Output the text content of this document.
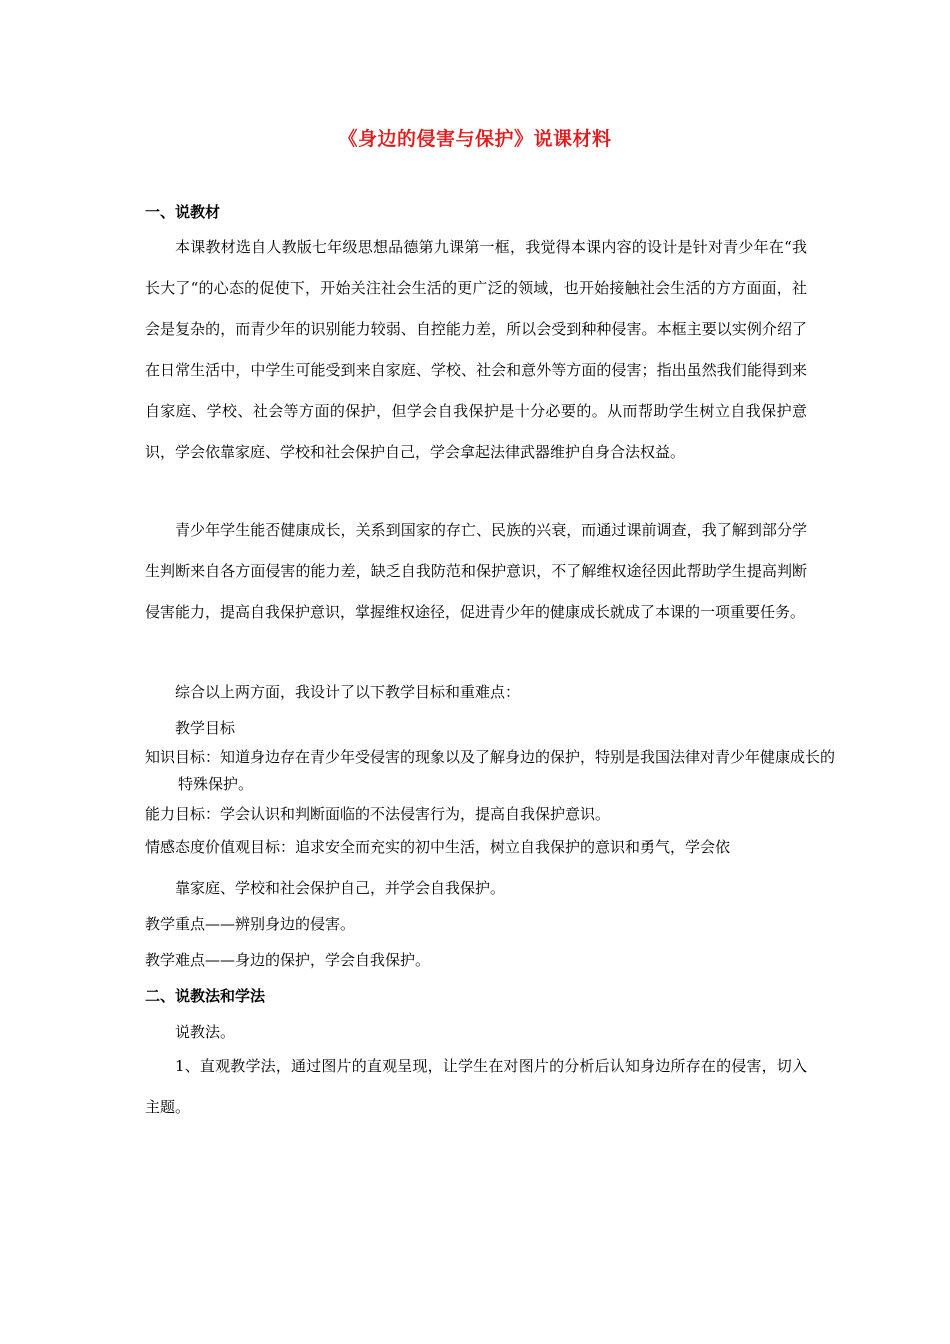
《身边的侵害与保护》说课材料
一、说教材
本课教材选自人教版七年级思想品德第九课第一框，我觉得本课内容的设计是针对青少年在“我长大了“的心态的促使下，开始关注社会生活的更广泛的领域，也开始接触社会生活的方方面面，社会是复杂的，而青少年的识别能力较弱、自控能力差，所以会受到种种侵害。本框主要以实例介绍了在日常生活中，中学生可能受到来自家庭、学校、社会和意外等方面的侵害；指出虽然我们能得到来自家庭、学校、社会等方面的保护，但学会自我保护是十分必要的。从而帮助学生树立自我保护意识，学会依靠家庭、学校和社会保护自己，学会拿起法律武器维护自身合法权益。
青少年学生能否健康成长，关系到国家的存亡、民族的兴衰，而通过课前调查，我了解到部分学生判断来自各方面侵害的能力差，缺乏自我防范和保护意识，不了解维权途径因此帮助学生提高判断侵害能力，提高自我保护意识，掌握维权途径，促进青少年的健康成长就成了本课的一项重要任务。
综合以上两方面，我设计了以下教学目标和重难点：
教学目标
知识目标：知道身边存在青少年受侵害的现象以及了解身边的保护，特别是我国法律对青少年健康成长的特殊保护。
能力目标：学会认识和判断面临的不法侵害行为，提高自我保护意识。
情感态度价值观目标：追求安全而充实的初中生活，树立自我保护的意识和勇气，学会依
靠家庭、学校和社会保护自己，并学会自我保护。
教学重点——辨别身边的侵害。
教学难点——身边的保护，学会自我保护。
二、说教法和学法
说教法。
1、直观教学法，通过图片的直观呈现，让学生在对图片的分析后认知身边所存在的侵害，切入主题。
